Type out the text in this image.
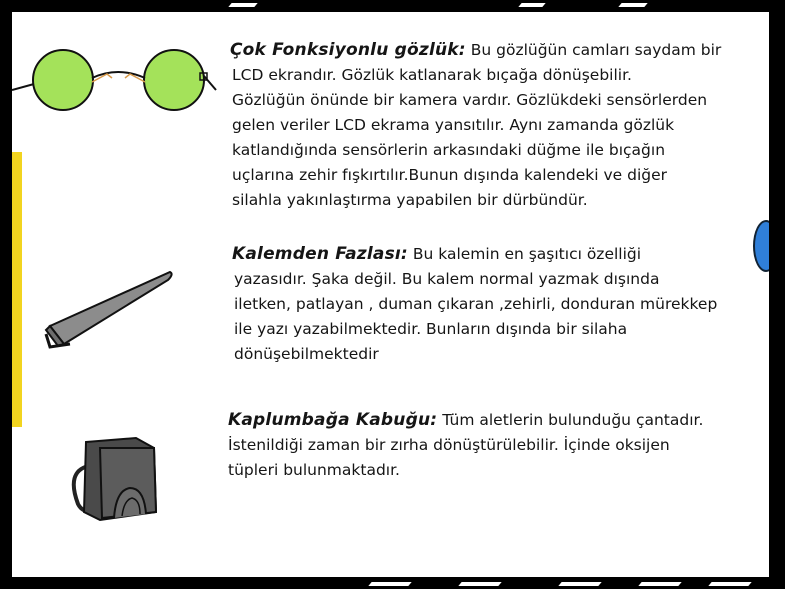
Çok Fonksiyonlu gözlük: Bu gözlüğün camları saydam bir
LCD ekrandır. Gözlük katlanarak bıçağa dönüşebilir.
Gözlüğün önünde bir kamera vardır. Gözlükdeki sensörlerden
gelen veriler LCD ekrama yansıtılır. Aynı zamanda gözlük
katlandığında sensörlerin arkasındaki düğme ile bıçağın
uçlarına zehir fışkırtılır.Bunun dışında kalendeki ve diğer
silahla yakınlaştırma yapabilen bir dürbündür.
Kalemden Fazlası: Bu kalemin en şaşıtıcı özelliği
yazasıdır. Şaka değil. Bu kalem normal yazmak dışında
iletken, patlayan , duman çıkaran ,zehirli, donduran mürekkep
ile yazı yazabilmektedir. Bunların dışında bir silaha
dönüşebilmektedir
Kaplumbağa Kabuğu: Tüm aletlerin bulunduğu çantadır.
İstenildiği zaman bir zırha dönüştürülebilir. İçinde oksijen
tüpleri bulunmaktadır.
